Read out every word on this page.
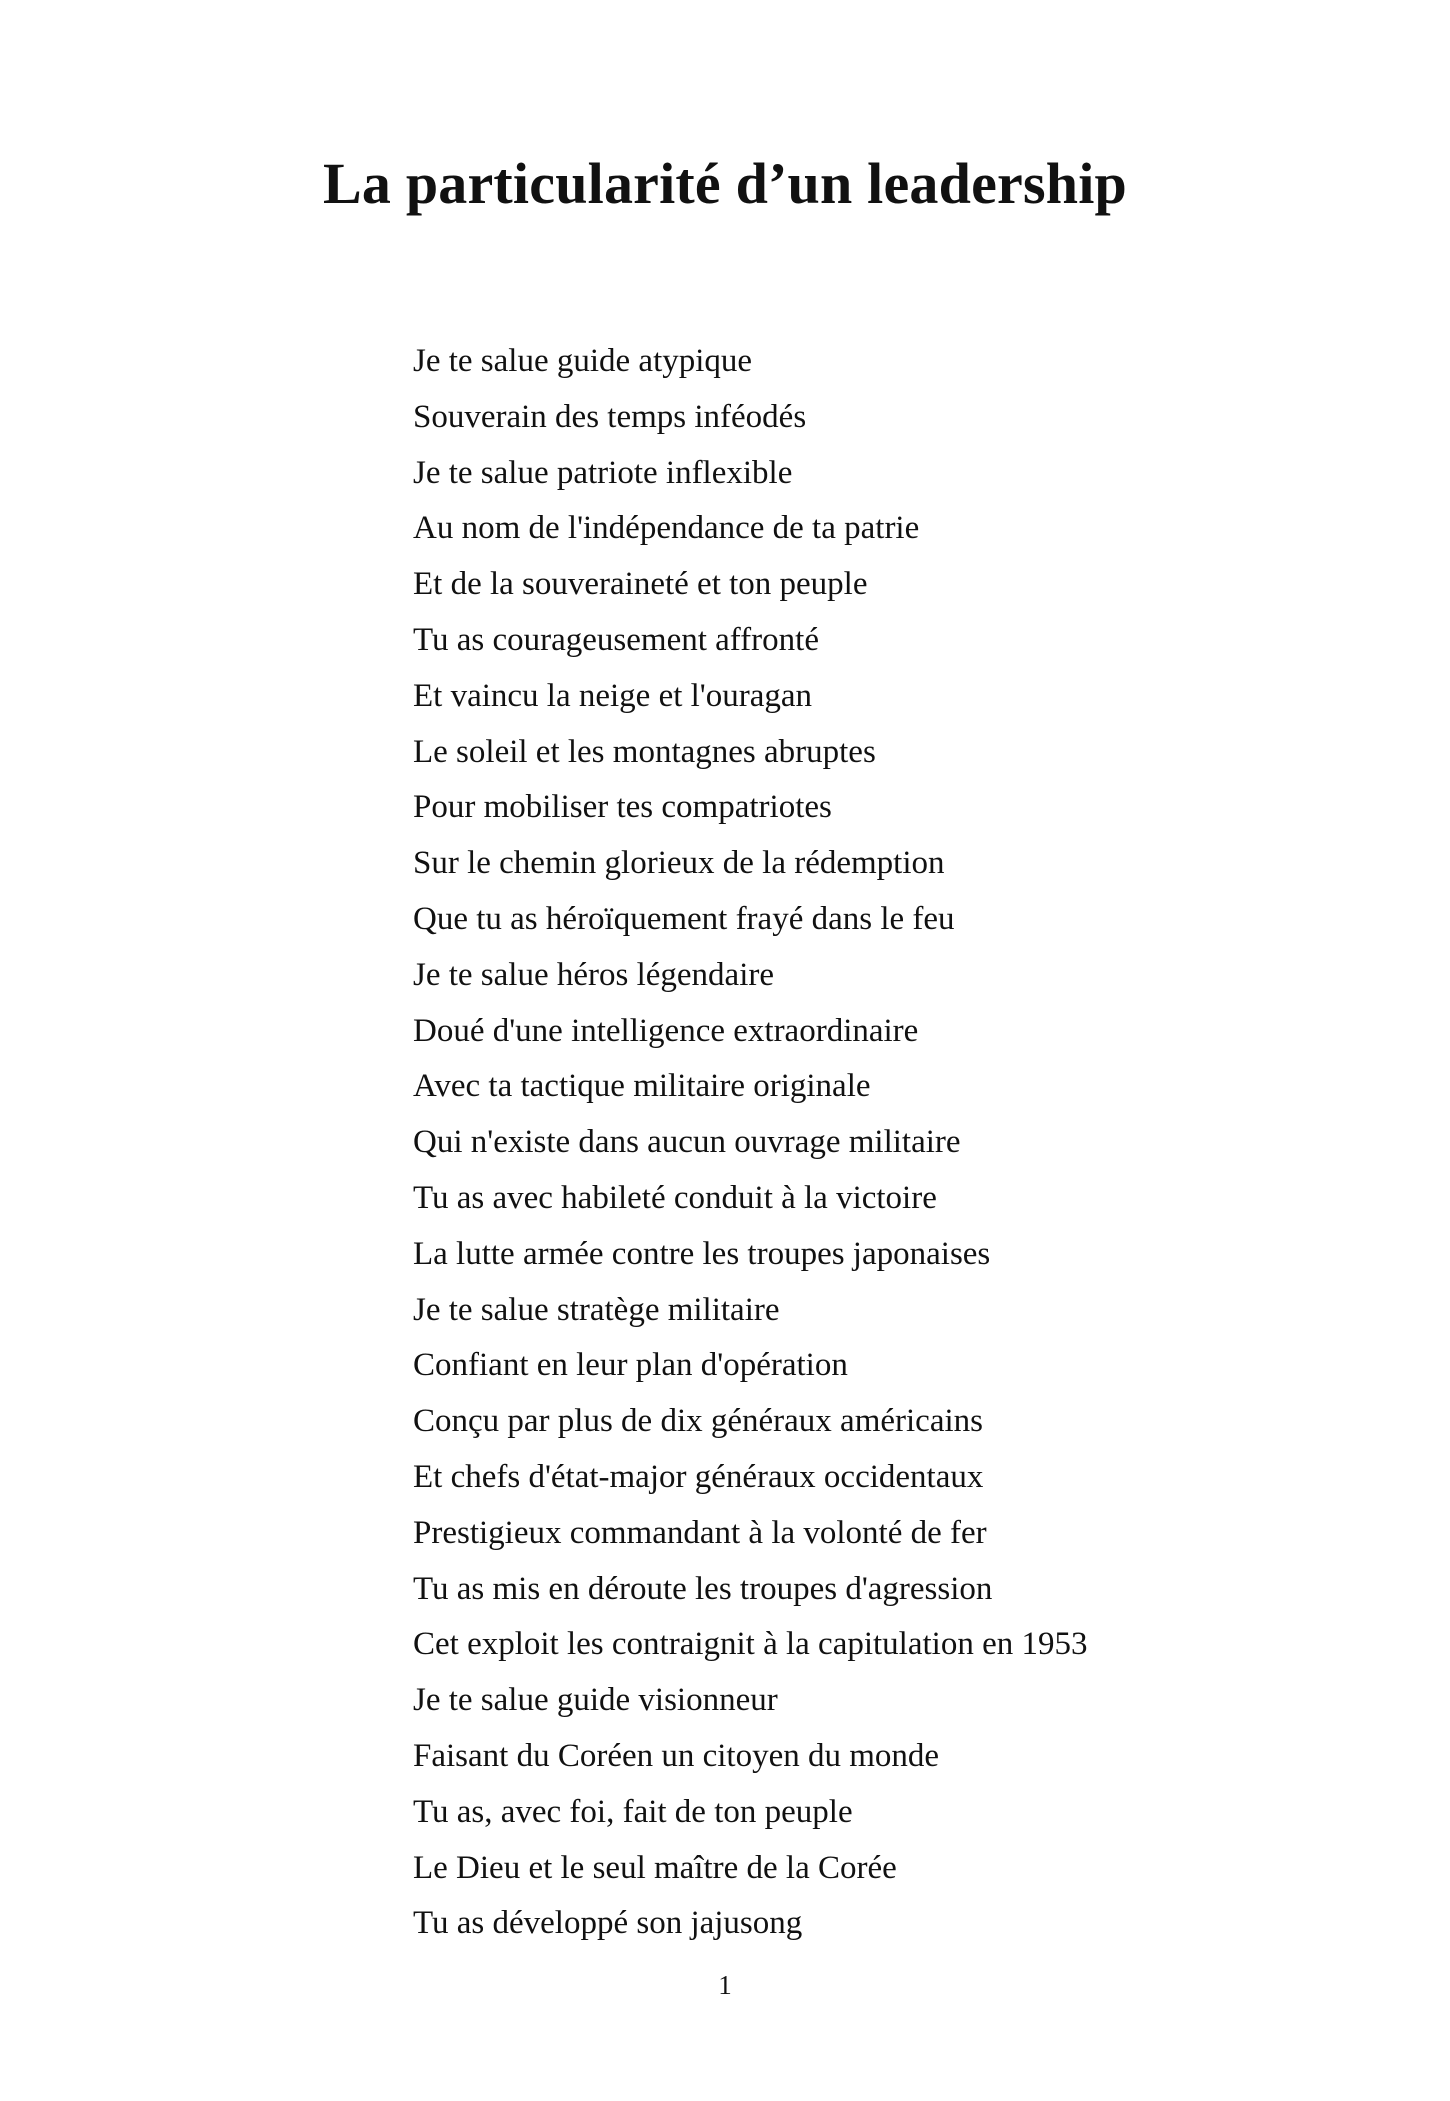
La particularité d’un leadership
Je te salue guide atypique
Souverain des temps inféodés
Je te salue patriote inflexible
Au nom de l'indépendance de ta patrie
Et de la souveraineté et ton peuple
Tu as courageusement affronté
Et vaincu la neige et l'ouragan
Le soleil et les montagnes abruptes
Pour mobiliser tes compatriotes
Sur le chemin glorieux de la rédemption
Que tu as héroïquement frayé dans le feu
Je te salue héros légendaire
Doué d'une intelligence extraordinaire
Avec ta tactique militaire originale
Qui n'existe dans aucun ouvrage militaire
Tu as avec habileté conduit à la victoire
La lutte armée contre les troupes japonaises
Je te salue stratège militaire
Confiant en leur plan d'opération
Conçu par plus de dix généraux américains
Et chefs d'état-major généraux occidentaux
Prestigieux commandant à la volonté de fer
Tu as mis en déroute les troupes d'agression
Cet exploit les contraignit à la capitulation en 1953
Je te salue guide visionneur
Faisant du Coréen un citoyen du monde
Tu as, avec foi, fait de ton peuple
Le Dieu et le seul maître de la Corée
Tu as développé son jajusong
1
